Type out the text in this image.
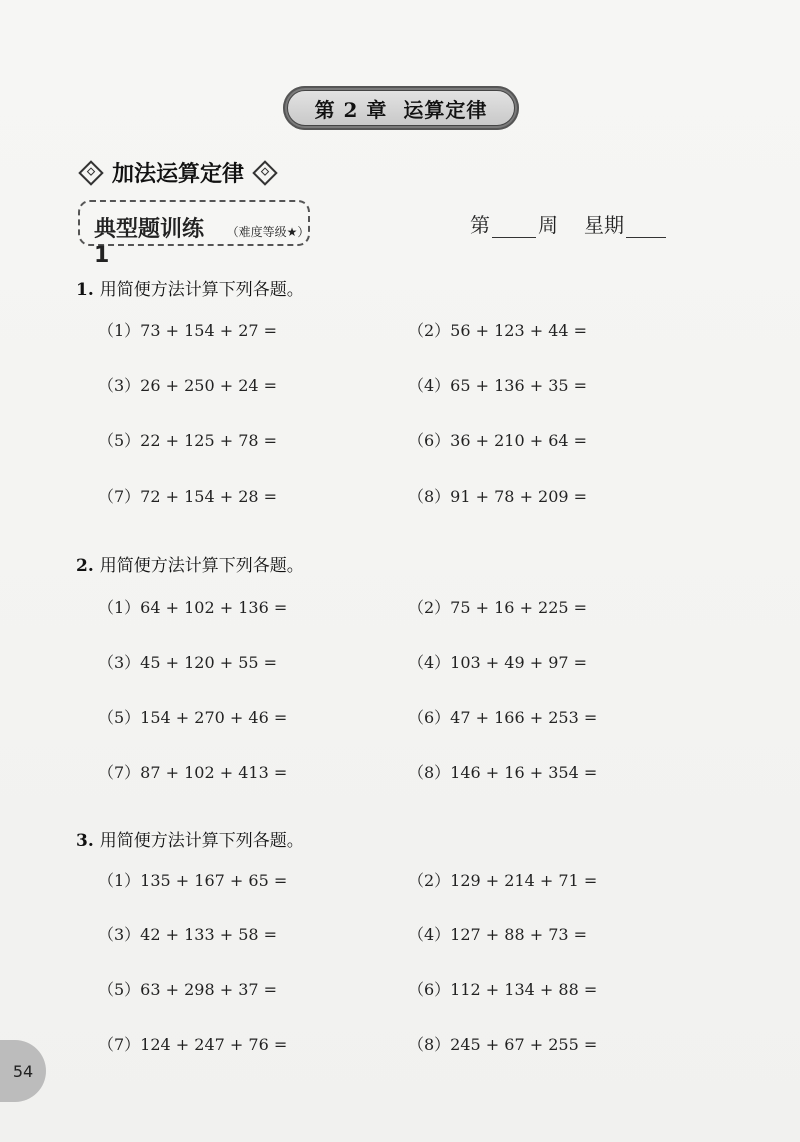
第 2 章 运算定律
加法运算定律
典型题训练 1
（难度等级★）	第 周 星期
1. 用简便方法计算下列各题。
（1）73 + 154 + 27 =	（2）56 + 123 + 44 =
（3）26 + 250 + 24 =	（4）65 + 136 + 35 =
（5）22 + 125 + 78 =	（6）36 + 210 + 64 =
（7）72 + 154 + 28 =	（8）91 + 78 + 209 =
2. 用简便方法计算下列各题。
（1）64 + 102 + 136 =	（2）75 + 16 + 225 =
（3）45 + 120 + 55 =	（4）103 + 49 + 97 =
（5）154 + 270 + 46 =	（6）47 + 166 + 253 =
（7）87 + 102 + 413 =	（8）146 + 16 + 354 =
3. 用简便方法计算下列各题。
（1）135 + 167 + 65 =	（2）129 + 214 + 71 =
（3）42 + 133 + 58 =	（4）127 + 88 + 73 =
（5）63 + 298 + 37 =	（6）112 + 134 + 88 =
（7）124 + 247 + 76 =	（8）245 + 67 + 255 =
54
